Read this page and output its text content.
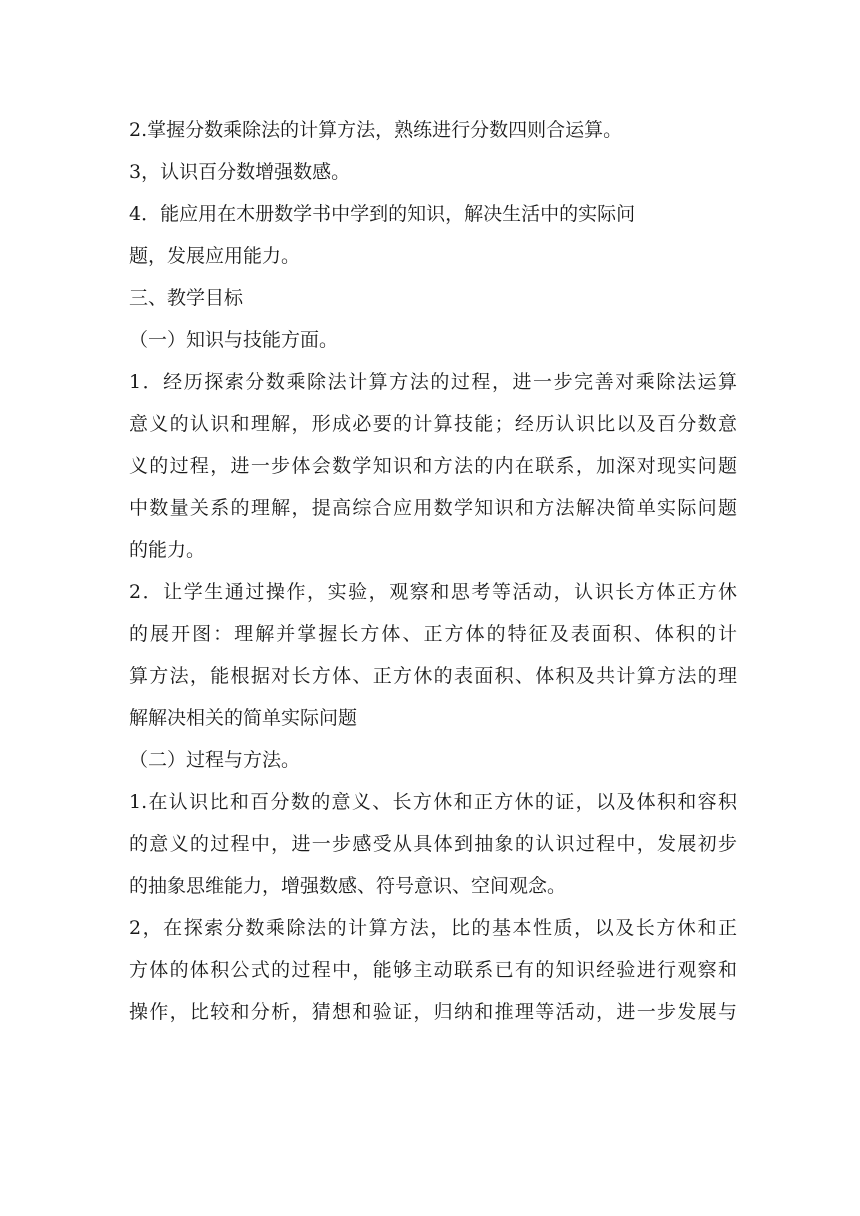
2.掌握分数乘除法的计算方法，熟练进行分数四则合运算。
3，认识百分数增强数感。
4．能应用在木册数学书中学到的知识，解决生活中的实际问
题，发展应用能力。
三、教学目标
（一）知识与技能方面。
1．经历探索分数乘除法计算方法的过程，进一步完善对乘除法运算
意义的认识和理解，形成必要的计算技能；经历认识比以及百分数意
义的过程，进一步体会数学知识和方法的内在联系，加深对现实问题
中数量关系的理解，提高综合应用数学知识和方法解决简单实际问题
的能力。
2．让学生通过操作，实验，观察和思考等活动，认识长方体正方休
的展开图：理解并掌握长方体、正方体的特征及表面积、体积的计
算方法，能根据对长方体、正方休的表面积、体积及共计算方法的理
解解决相关的简单实际问题
（二）过程与方法。
1.在认识比和百分数的意义、长方休和正方休的证，以及体积和容积
的意义的过程中，进一步感受从具体到抽象的认识过程中，发展初步
的抽象思维能力，增强数感、符号意识、空间观念。
2，在探索分数乘除法的计算方法，比的基本性质，以及长方休和正
方体的体积公式的过程中，能够主动联系已有的知识经验进行观察和
操作，比较和分析，猜想和验证，归纳和推理等活动，进一步发展与
